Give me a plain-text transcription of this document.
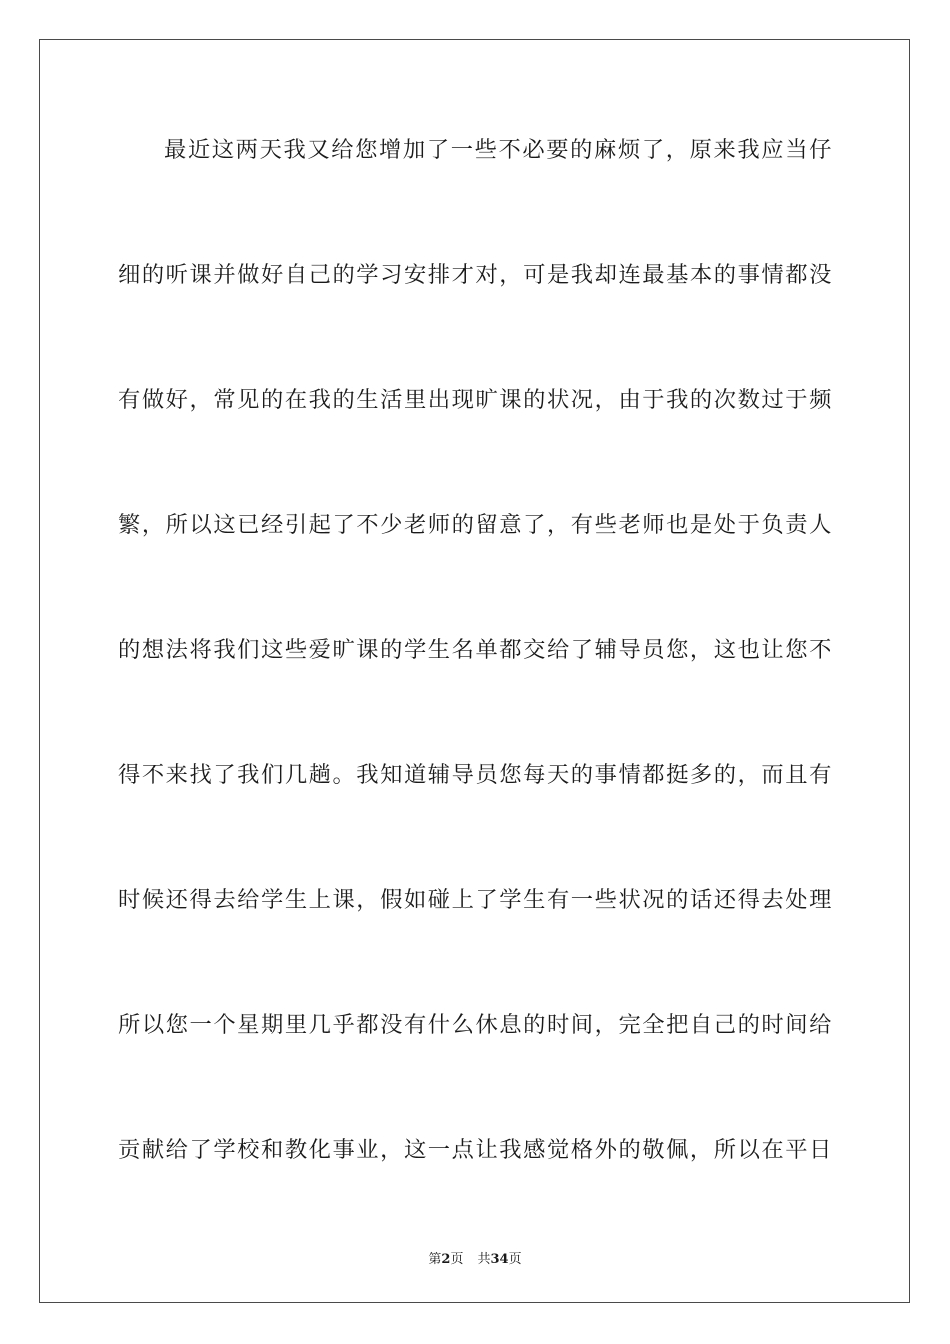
最近这两天我又给您增加了一些不必要的麻烦了，原来我应当仔
细的听课并做好自己的学习安排才对，可是我却连最基本的事情都没
有做好，常见的在我的生活里出现旷课的状况，由于我的次数过于频
繁，所以这已经引起了不少老师的留意了，有些老师也是处于负责人
的想法将我们这些爱旷课的学生名单都交给了辅导员您，这也让您不
得不来找了我们几趟。我知道辅导员您每天的事情都挺多的，而且有
时候还得去给学生上课，假如碰上了学生有一些状况的话还得去处理
所以您一个星期里几乎都没有什么休息的时间，完全把自己的时间给
贡献给了学校和教化事业，这一点让我感觉格外的敬佩，所以在平日
第2页 共34页
